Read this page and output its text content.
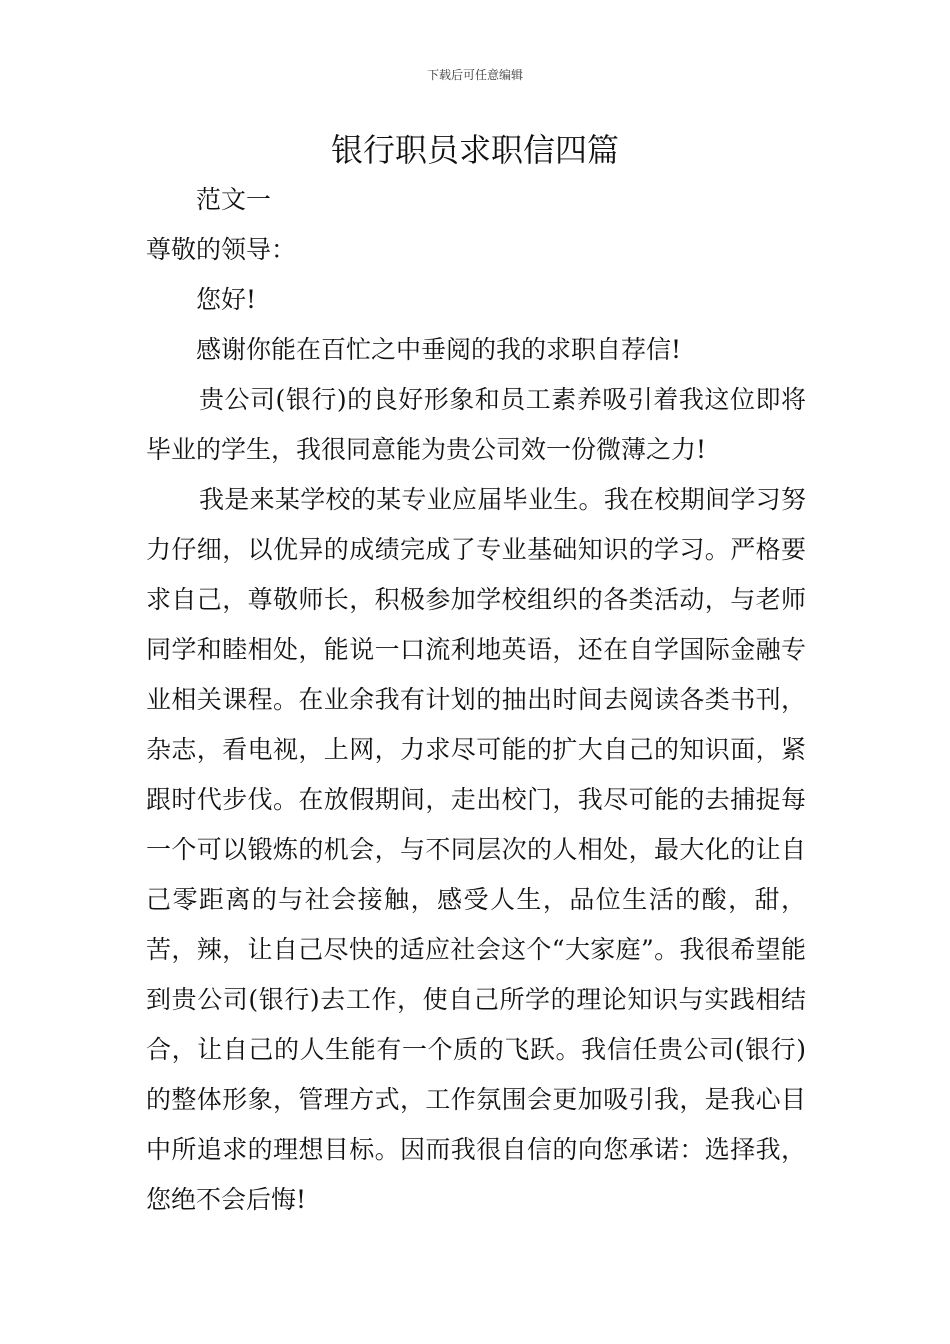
下载后可任意编辑
银行职员求职信四篇

范文一

尊敬的领导：

您好!

感谢你能在百忙之中垂阅的我的求职自荐信!

贵公司(银行)的良好形象和员工素养吸引着我这位即将毕业的学生，我很同意能为贵公司效一份微薄之力!

我是来某学校的某专业应届毕业生。我在校期间学习努力仔细，以优异的成绩完成了专业基础知识的学习。严格要求自己，尊敬师长，积极参加学校组织的各类活动，与老师同学和睦相处，能说一口流利地英语，还在自学国际金融专业相关课程。在业余我有计划的抽出时间去阅读各类书刊，杂志，看电视，上网，力求尽可能的扩大自己的知识面，紧跟时代步伐。在放假期间，走出校门，我尽可能的去捕捉每一个可以锻炼的机会，与不同层次的人相处，最大化的让自己零距离的与社会接触，感受人生，品位生活的酸，甜，苦，辣，让自己尽快的适应社会这个“大家庭”。我很希望能到贵公司(银行)去工作，使自己所学的理论知识与实践相结合，让自己的人生能有一个质的飞跃。我信任贵公司(银行)的整体形象，管理方式，工作氛围会更加吸引我，是我心目中所追求的理想目标。因而我很自信的向您承诺：选择我，您绝不会后悔!
